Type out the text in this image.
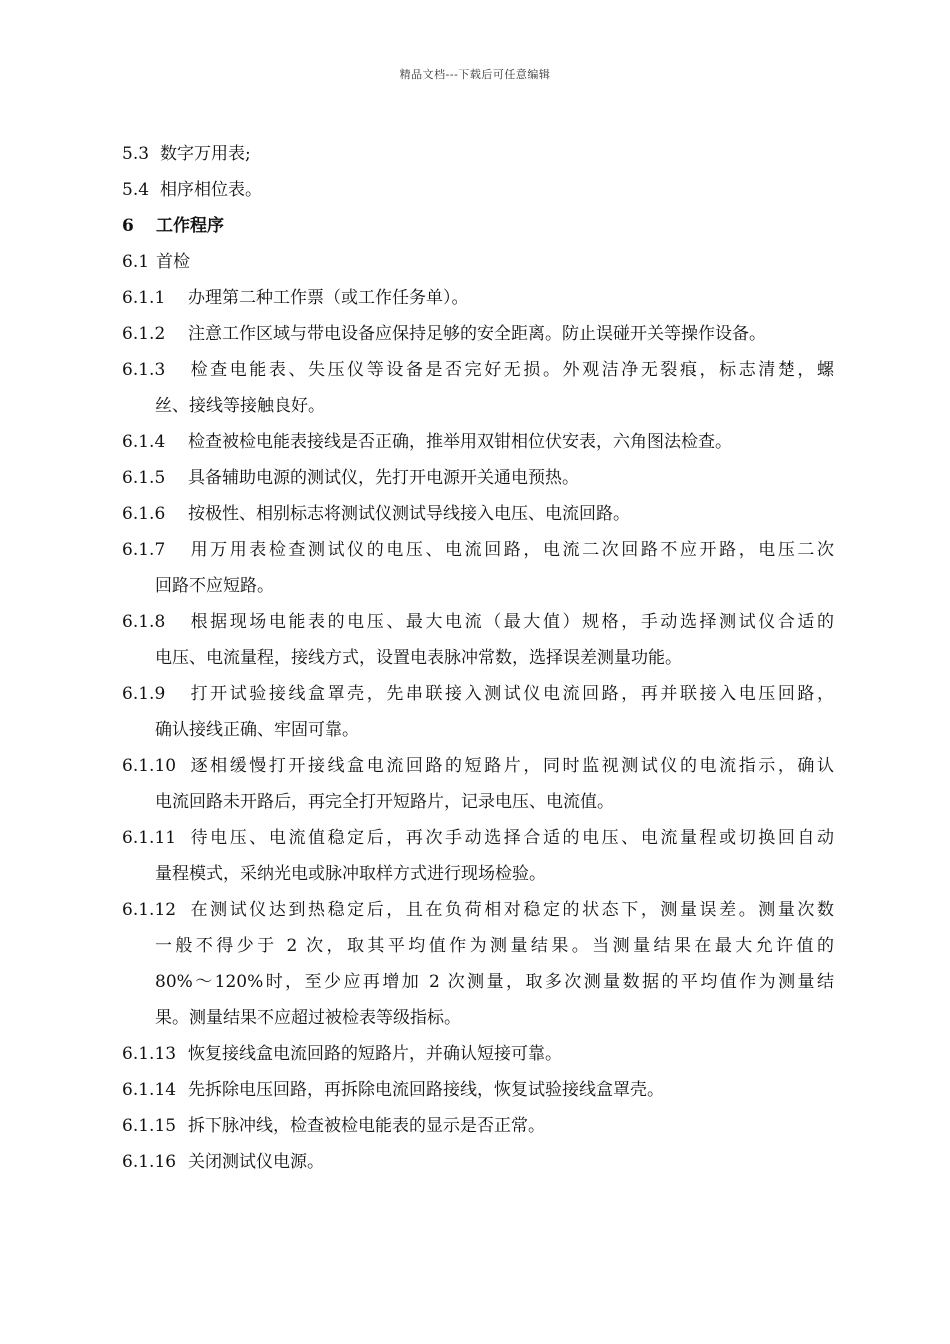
精品文档---下载后可任意编辑
5.3 数字万用表;
5.4 相序相位表。
6 工作程序
6.1 首检
6.1.1 办理第二种工作票（或工作任务单）。
6.1.2 注意工作区域与带电设备应保持足够的安全距离。防止误碰开关等操作设备。
6.1.3 检查电能表、失压仪等设备是否完好无损。外观洁净无裂痕，标志清楚，螺
丝、接线等接触良好。
6.1.4 检查被检电能表接线是否正确，推举用双钳相位伏安表，六角图法检查。
6.1.5 具备辅助电源的测试仪，先打开电源开关通电预热。
6.1.6 按极性、相别标志将测试仪测试导线接入电压、电流回路。
6.1.7 用万用表检查测试仪的电压、电流回路，电流二次回路不应开路，电压二次
回路不应短路。
6.1.8 根据现场电能表的电压、最大电流（最大值）规格，手动选择测试仪合适的
电压、电流量程，接线方式，设置电表脉冲常数，选择误差测量功能。
6.1.9 打开试验接线盒罩壳，先串联接入测试仪电流回路，再并联接入电压回路，
确认接线正确、牢固可靠。
6.1.10 逐相缓慢打开接线盒电流回路的短路片，同时监视测试仪的电流指示，确认
电流回路未开路后，再完全打开短路片，记录电压、电流值。
6.1.11 待电压、电流值稳定后，再次手动选择合适的电压、电流量程或切换回自动
量程模式，采纳光电或脉冲取样方式进行现场检验。
6.1.12 在测试仪达到热稳定后，且在负荷相对稳定的状态下，测量误差。测量次数
一般不得少于 2 次，取其平均值作为测量结果。当测量结果在最大允许值的
80%～120%时，至少应再增加 2 次测量，取多次测量数据的平均值作为测量结
果。测量结果不应超过被检表等级指标。
6.1.13 恢复接线盒电流回路的短路片，并确认短接可靠。
6.1.14 先拆除电压回路，再拆除电流回路接线，恢复试验接线盒罩壳。
6.1.15 拆下脉冲线，检查被检电能表的显示是否正常。
6.1.16 关闭测试仪电源。
